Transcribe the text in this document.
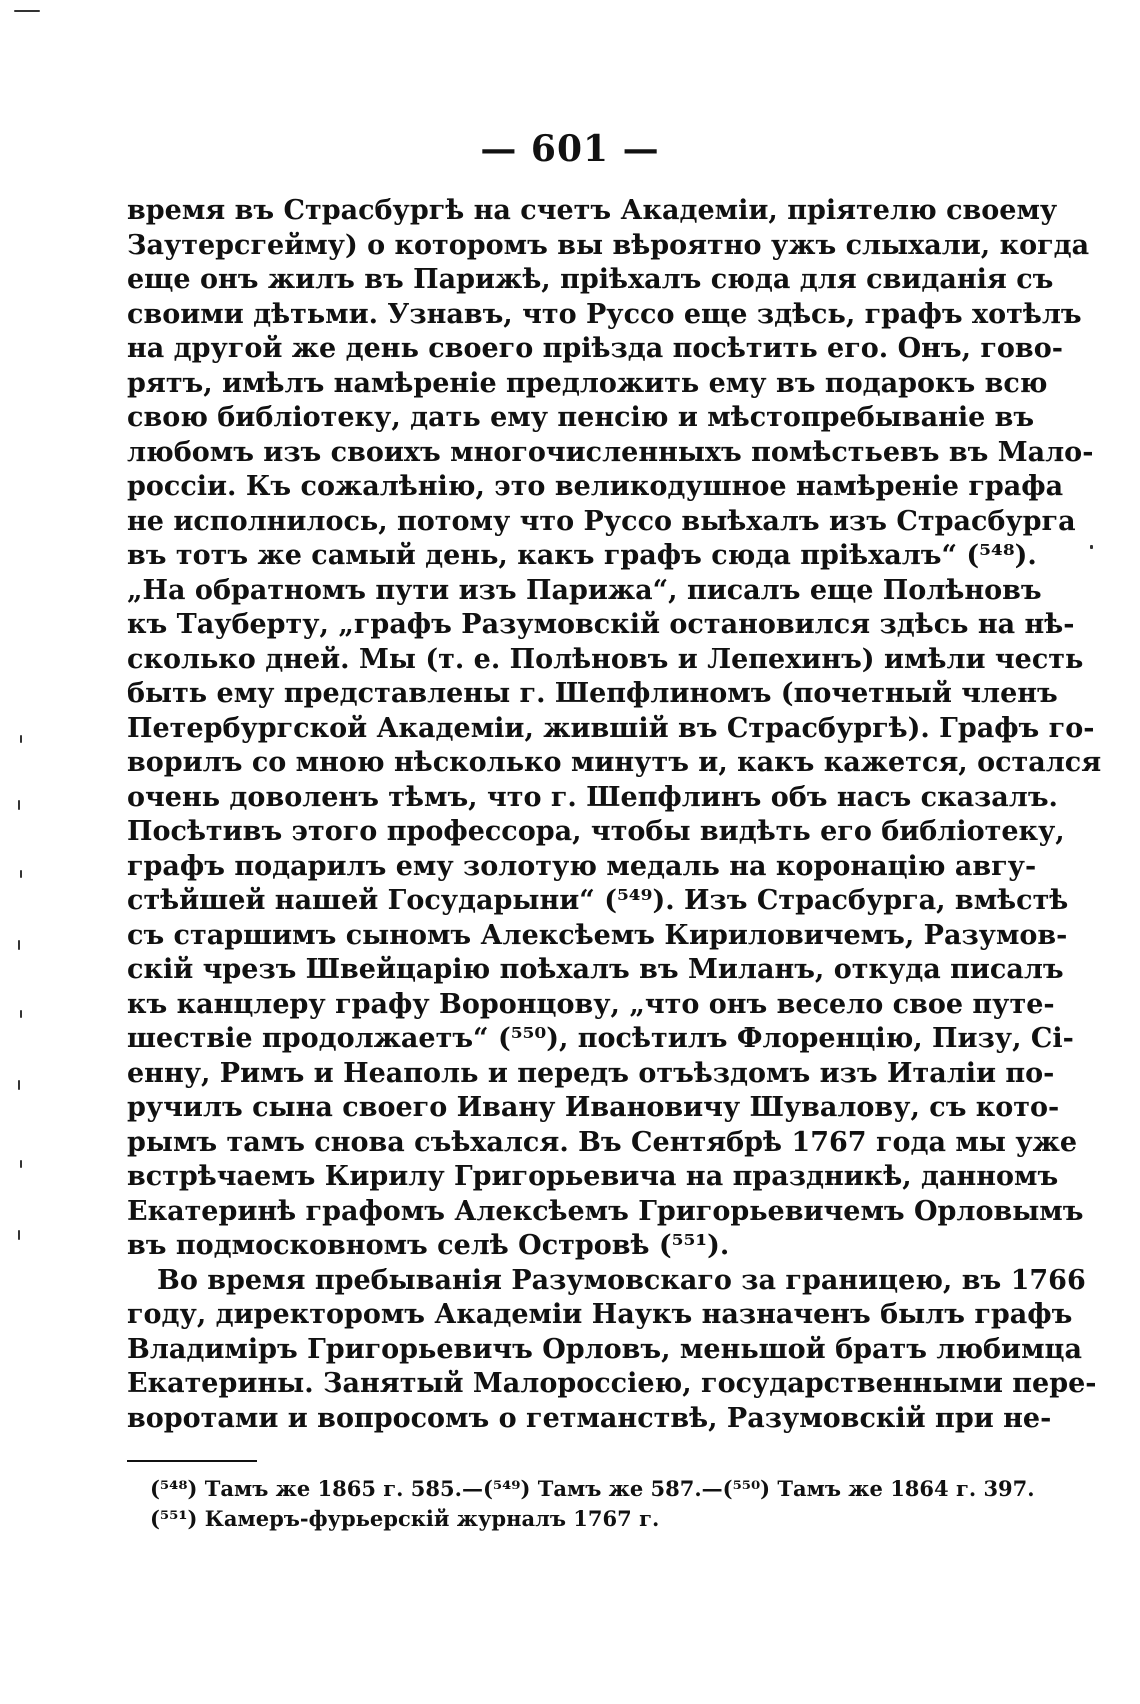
— 601 —
время въ Страсбургѣ на счетъ Академіи, пріятелю своему
Заутерсгейму) о которомъ вы вѣроятно ужъ слыхали, когда
еще онъ жилъ въ Парижѣ, пріѣхалъ сюда для свиданія съ
своими дѣтьми. Узнавъ, что Руссо еще здѣсь, графъ хотѣлъ
на другой же день своего пріѣзда посѣтить его. Онъ, гово-
рятъ, имѣлъ намѣреніе предложить ему въ подарокъ всю
свою библіотеку, дать ему пенсію и мѣстопребываніе въ
любомъ изъ своихъ многочисленныхъ помѣстьевъ въ Мало-
россіи. Къ сожалѣнію, это великодушное намѣреніе графа
не исполнилось, потому что Руссо выѣхалъ изъ Страсбурга
въ тотъ же самый день, какъ графъ сюда пріѣхалъ“ (⁵⁴⁸).
„На обратномъ пути изъ Парижа“, писалъ еще Полѣновъ
къ Тауберту, „графъ Разумовскій остановился здѣсь на нѣ-
сколько дней. Мы (т. е. Полѣновъ и Лепехинъ) имѣли честь
быть ему представлены г. Шепфлиномъ (почетный членъ
Петербургской Академіи, жившій въ Страсбургѣ). Графъ го-
ворилъ со мною нѣсколько минутъ и, какъ кажется, остался
очень доволенъ тѣмъ, что г. Шепфлинъ объ насъ сказалъ.
Посѣтивъ этого профессора, чтобы видѣть его библіотеку,
графъ подарилъ ему золотую медаль на коронацію авгу-
стѣйшей нашей Государыни“ (⁵⁴⁹). Изъ Страсбурга, вмѣстѣ
съ старшимъ сыномъ Алексѣемъ Кириловичемъ, Разумов-
скій чрезъ Швейцарію поѣхалъ въ Миланъ, откуда писалъ
къ канцлеру графу Воронцову, „что онъ весело свое путе-
шествіе продолжаетъ“ (⁵⁵⁰), посѣтилъ Флоренцію, Пизу, Сі-
енну, Римъ и Неаполь и передъ отъѣздомъ изъ Италіи по-
ручилъ сына своего Ивану Ивановичу Шувалову, съ кото-
рымъ тамъ снова съѣхался. Въ Сентябрѣ 1767 года мы уже
встрѣчаемъ Кирилу Григорьевича на праздникѣ, данномъ
Екатеринѣ графомъ Алексѣемъ Григорьевичемъ Орловымъ
въ подмосковномъ селѣ Островѣ (⁵⁵¹).
Во время пребыванія Разумовскаго за границею, въ 1766
году, директоромъ Академіи Наукъ назначенъ былъ графъ
Владиміръ Григорьевичъ Орловъ, меньшой братъ любимца
Екатерины. Занятый Малороссіею, государственными пере-
воротами и вопросомъ о гетманствѣ, Разумовскій при не-
(⁵⁴⁸) Тамъ же 1865 г. 585.—(⁵⁴⁹) Тамъ же 587.—(⁵⁵⁰) Тамъ же 1864 г. 397.
(⁵⁵¹) Камеръ-фурьерскій журналъ 1767 г.
